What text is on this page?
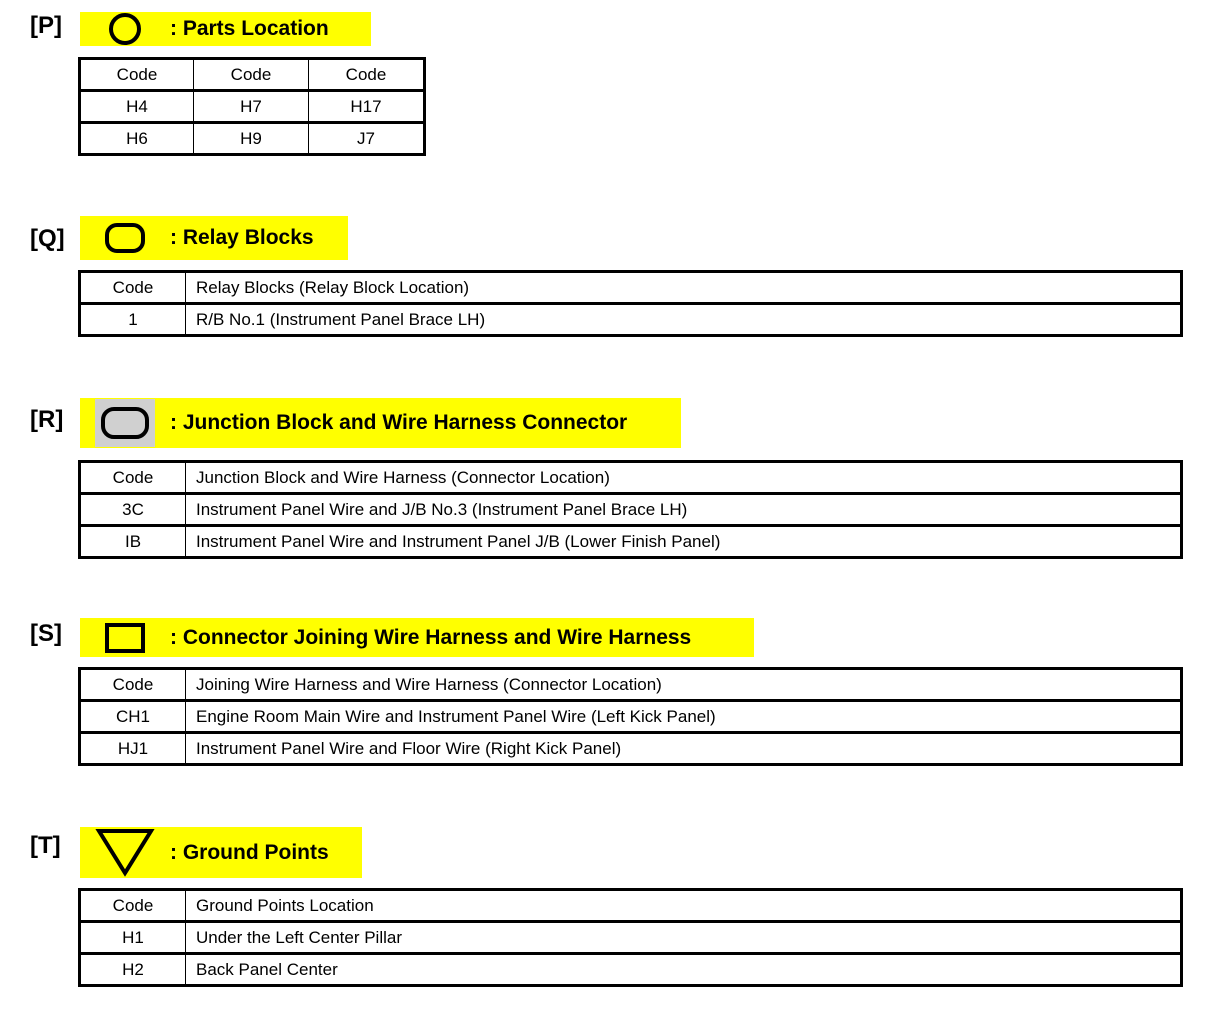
[P]	: Parts Location
Code	Code	Code
H4	H7	H17
H6	H9	J7
[Q]	: Relay Blocks
Code	Relay Blocks (Relay Block Location)
1	R/B No.1 (Instrument Panel Brace LH)
[R]	: Junction Block and Wire Harness Connector
Code	Junction Block and Wire Harness (Connector Location)
3C	Instrument Panel Wire and J/B No.3 (Instrument Panel Brace LH)
IB	Instrument Panel Wire and Instrument Panel J/B (Lower Finish Panel)
[S]	: Connector Joining Wire Harness and Wire Harness
Code	Joining Wire Harness and Wire Harness (Connector Location)
CH1	Engine Room Main Wire and Instrument Panel Wire (Left Kick Panel)
HJ1	Instrument Panel Wire and Floor Wire (Right Kick Panel)
[T]	: Ground Points
Code	Ground Points Location
H1	Under the Left Center Pillar
H2	Back Panel Center
